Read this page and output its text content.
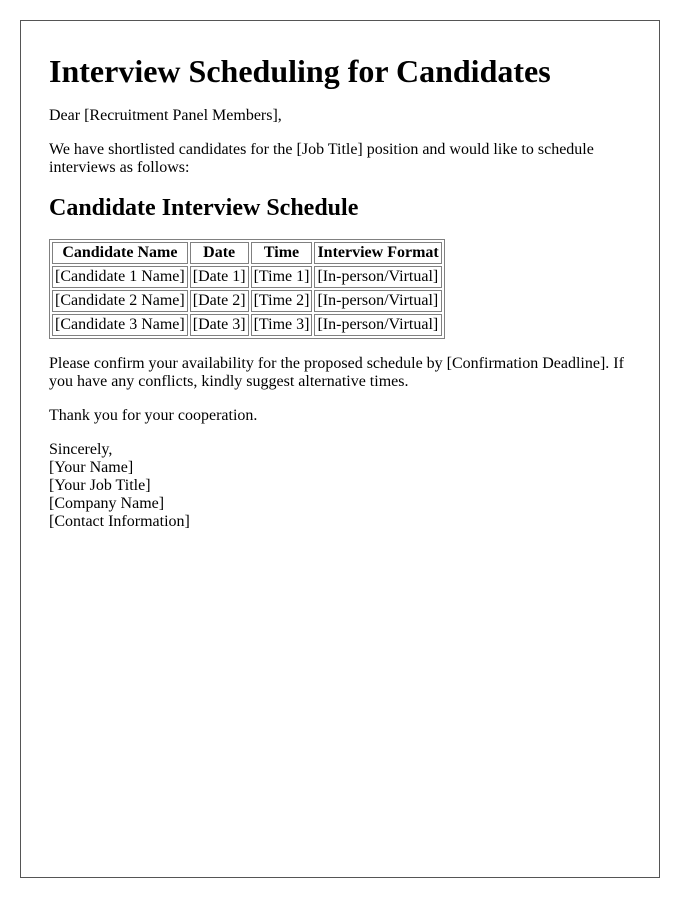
Interview Scheduling for Candidates

Dear [Recruitment Panel Members],

We have shortlisted candidates for the [Job Title] position and would like to schedule interviews as follows:

Candidate Interview Schedule
Candidate Name	Date	Time	Interview Format
[Candidate 1 Name]	[Date 1]	[Time 1]	[In-person/Virtual]
[Candidate 2 Name]	[Date 2]	[Time 2]	[In-person/Virtual]
[Candidate 3 Name]	[Date 3]	[Time 3]	[In-person/Virtual]

Please confirm your availability for the proposed schedule by [Confirmation Deadline]. If you have any conflicts, kindly suggest alternative times.

Thank you for your cooperation.

Sincerely,
[Your Name]
[Your Job Title]
[Company Name]
[Contact Information]
